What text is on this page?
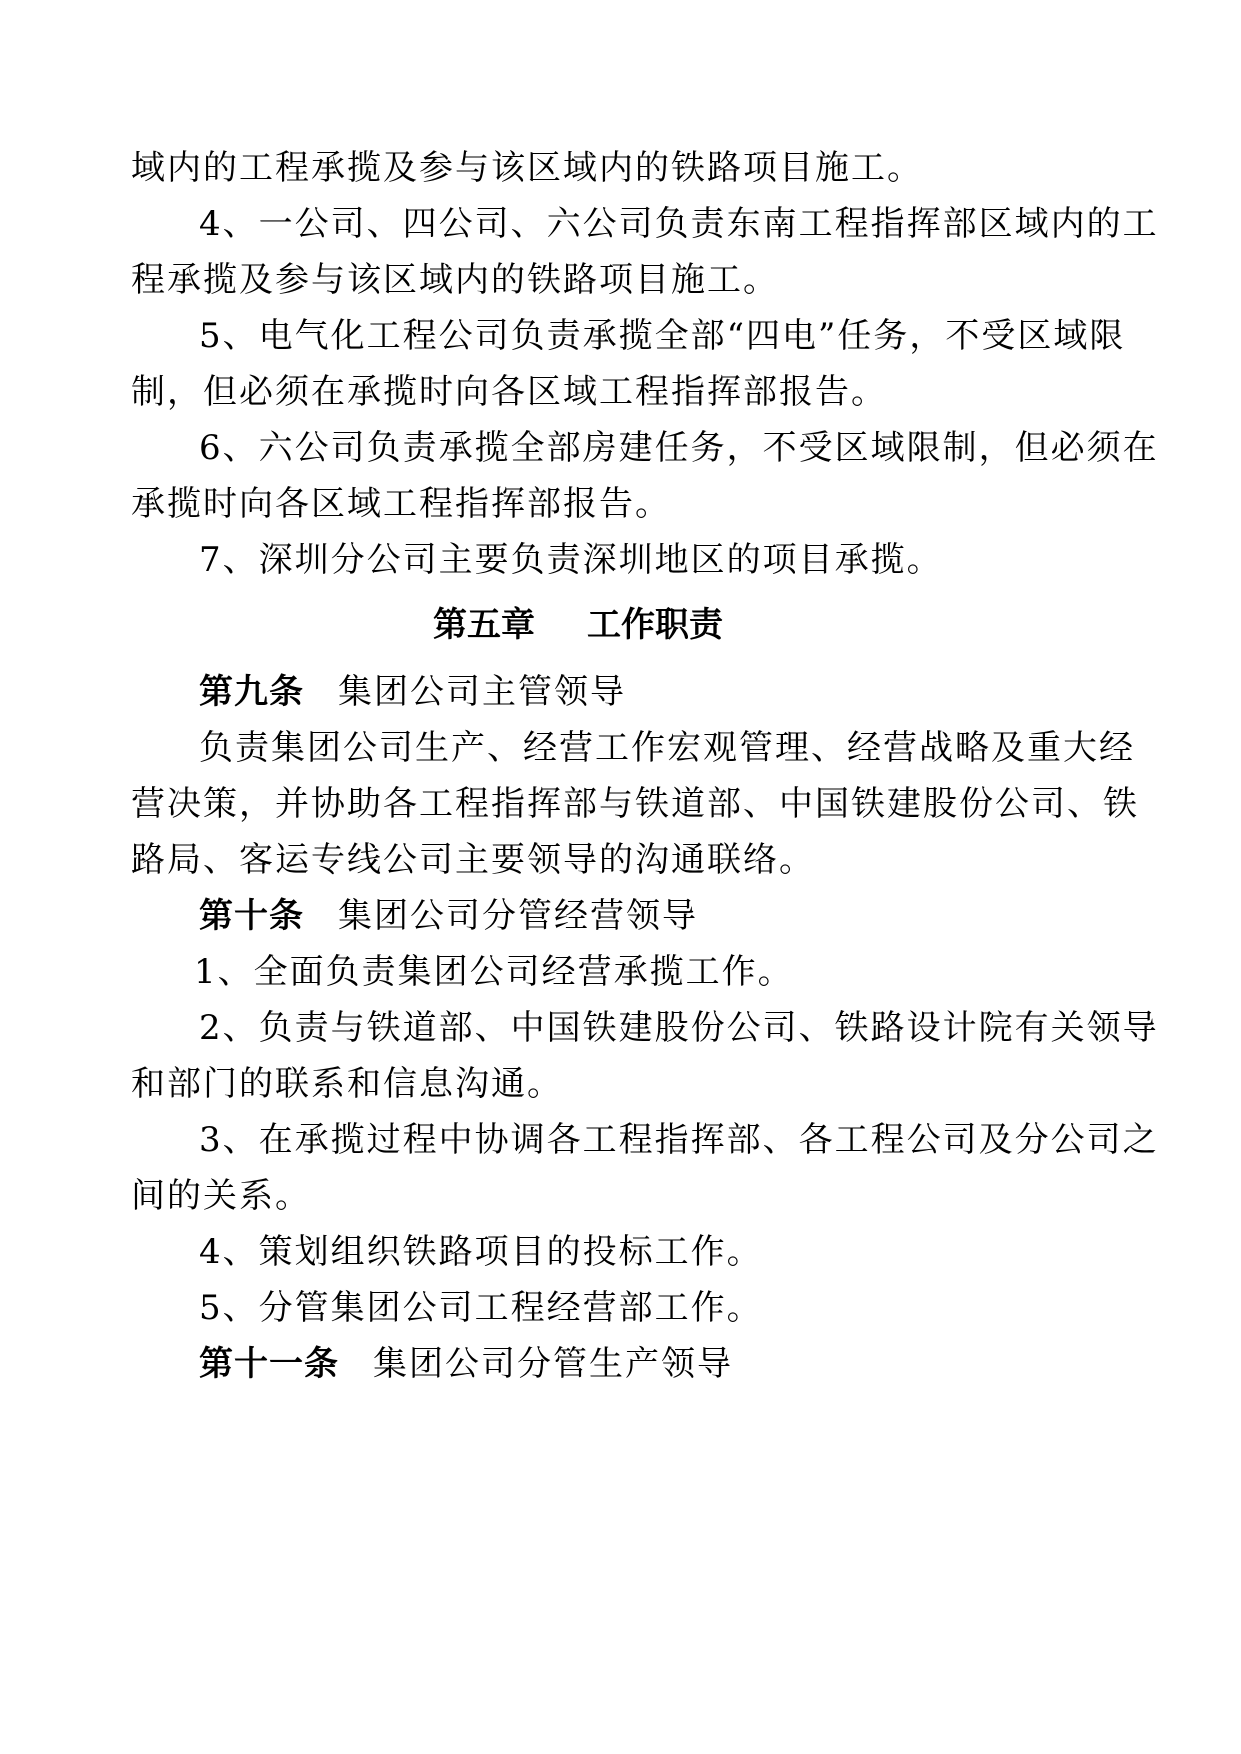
域内的工程承揽及参与该区域内的铁路项目施工。
4、一公司、四公司、六公司负责东南工程指挥部区域内的工
程承揽及参与该区域内的铁路项目施工。
5、电气化工程公司负责承揽全部“四电”任务，不受区域限
制，但必须在承揽时向各区域工程指挥部报告。
6、六公司负责承揽全部房建任务，不受区域限制，但必须在
承揽时向各区域工程指挥部报告。
7、深圳分公司主要负责深圳地区的项目承揽。
第五章 工作职责
第九条 集团公司主管领导
负责集团公司生产、经营工作宏观管理、经营战略及重大经
营决策，并协助各工程指挥部与铁道部、中国铁建股份公司、铁
路局、客运专线公司主要领导的沟通联络。
第十条 集团公司分管经营领导
1、全面负责集团公司经营承揽工作。
2、负责与铁道部、中国铁建股份公司、铁路设计院有关领导
和部门的联系和信息沟通。
3、在承揽过程中协调各工程指挥部、各工程公司及分公司之
间的关系。
4、策划组织铁路项目的投标工作。
5、分管集团公司工程经营部工作。
第十一条 集团公司分管生产领导
